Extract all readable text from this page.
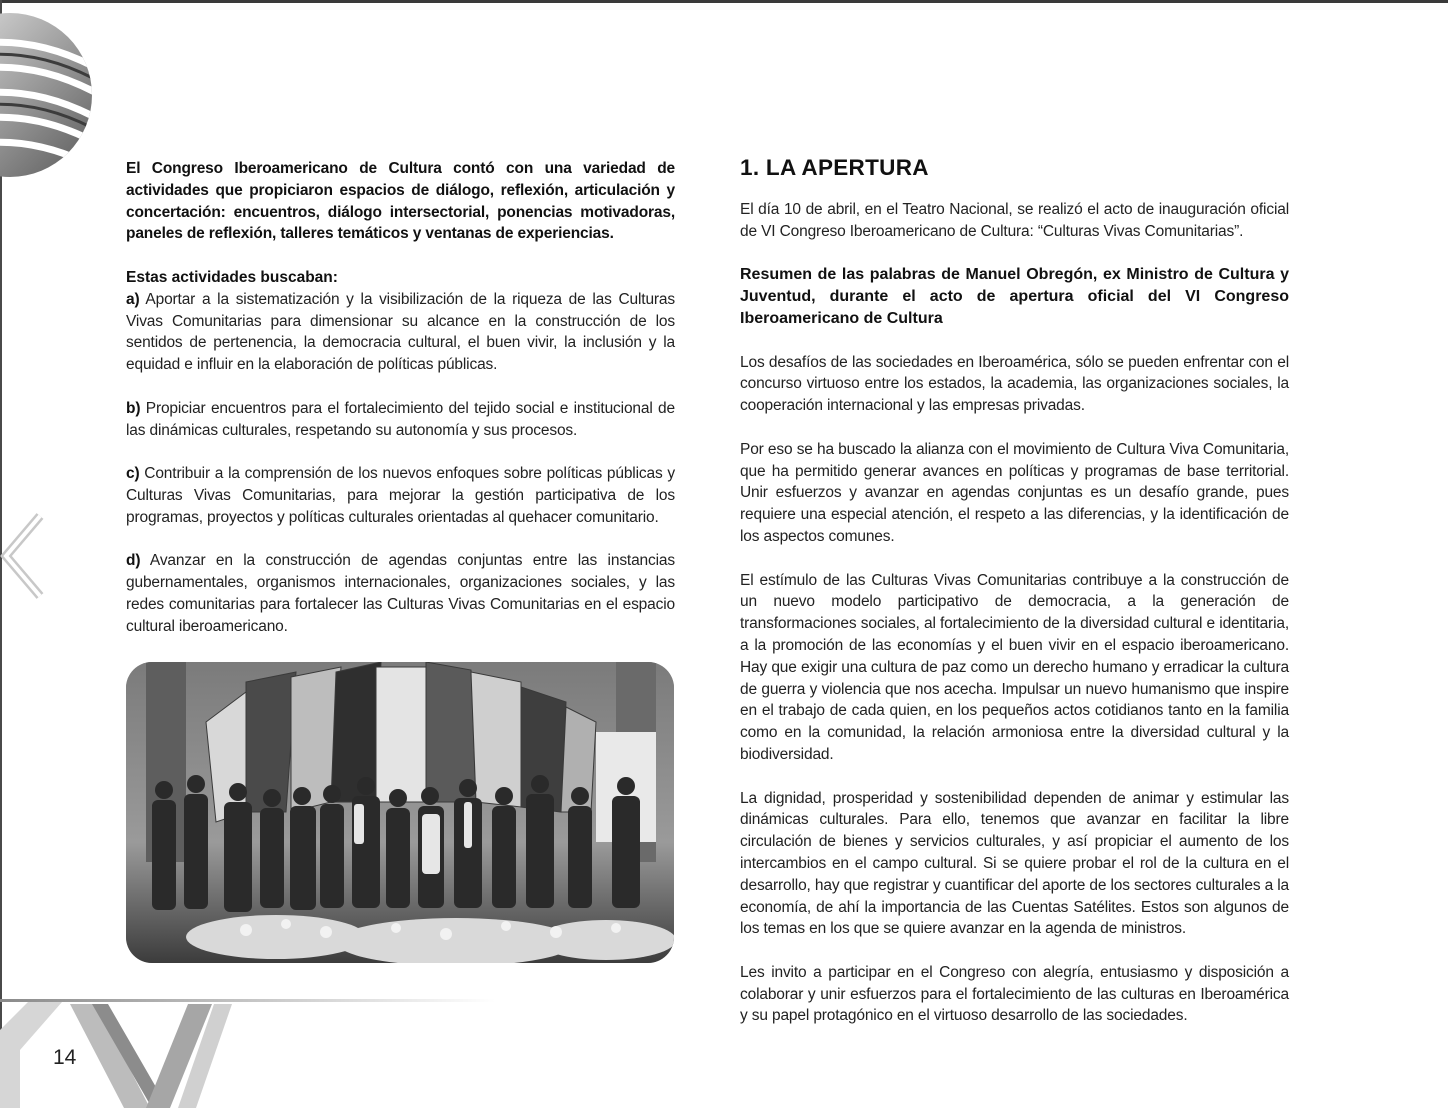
14

El Congreso Iberoamericano de Cultura contó con una variedad de actividades que propiciaron espacios de diálogo, reflexión, articulación y concertación: encuentros, diálogo intersectorial, ponencias motivadoras, paneles de reflexión, talleres temáticos y ventanas de experiencias.

Estas actividades buscaban:

a) Aportar a la sistematización y la visibilización de la riqueza de las Culturas Vivas Comunitarias para dimensionar su alcance en la construcción de los sentidos de pertenencia, la democracia cultural, el buen vivir, la inclusión y la equidad e influir en la elaboración de políticas públicas.

b) Propiciar encuentros para el fortalecimiento del tejido social e institucional de las dinámicas culturales, respetando su autonomía y sus procesos.

c) Contribuir a la comprensión de los nuevos enfoques sobre políticas públicas y Culturas Vivas Comunitarias, para mejorar la gestión participativa de los programas, proyectos y políticas culturales orientadas al quehacer comunitario.

d) Avanzar en la construcción de agendas conjuntas entre las instancias gubernamentales, organismos internacionales, organizaciones sociales, y las redes comunitarias para fortalecer las Culturas Vivas Comunitarias en el espacio cultural iberoamericano.

1. LA APERTURA

El día 10 de abril, en el Teatro Nacional, se realizó el acto de inauguración oficial de VI Congreso Iberoamericano de Cultura: “Culturas Vivas Comunitarias”.

Resumen de las palabras de Manuel Obregón, ex Ministro de Cultura y Juventud, durante el acto de apertura oficial del VI Congreso Iberoamericano de Cultura

Los desafíos de las sociedades en Iberoamérica, sólo se pueden enfrentar con el concurso virtuoso entre los estados, la academia, las organizaciones sociales, la cooperación internacional y las empresas privadas.

Por eso se ha buscado la alianza con el movimiento de Cultura Viva Comunitaria, que ha permitido generar avances en políticas y programas de base territorial. Unir esfuerzos y avanzar en agendas conjuntas es un desafío grande, pues requiere una especial atención, el respeto a las diferencias, y la identificación de los aspectos comunes.

El estímulo de las Culturas Vivas Comunitarias contribuye a la construcción de un nuevo modelo participativo de democracia, a la generación de transformaciones sociales, al fortalecimiento de la diversidad cultural e identitaria, a la promoción de las economías y el buen vivir en el espacio iberoamericano. Hay que exigir una cultura de paz como un derecho humano y erradicar la cultura de guerra y violencia que nos acecha. Impulsar un nuevo humanismo que inspire en el trabajo de cada quien, en los pequeños actos cotidianos tanto en la familia como en la comunidad, la relación armoniosa entre la diversidad cultural y la biodiversidad.

La dignidad, prosperidad y sostenibilidad dependen de animar y estimular las dinámicas culturales. Para ello, tenemos que avanzar en facilitar la libre circulación de bienes y servicios culturales, y así propiciar el aumento de los intercambios en el campo cultural. Si se quiere probar el rol de la cultura en el desarrollo, hay que registrar y cuantificar del aporte de los sectores culturales a la economía, de ahí la importancia de las Cuentas Satélites. Estos son algunos de los temas en los que se quiere avanzar en la agenda de ministros.

Les invito a participar en el Congreso con alegría, entusiasmo y disposición a colaborar y unir esfuerzos para el fortalecimiento de las culturas en Iberoamérica y su papel protagónico en el virtuoso desarrollo de las sociedades.
